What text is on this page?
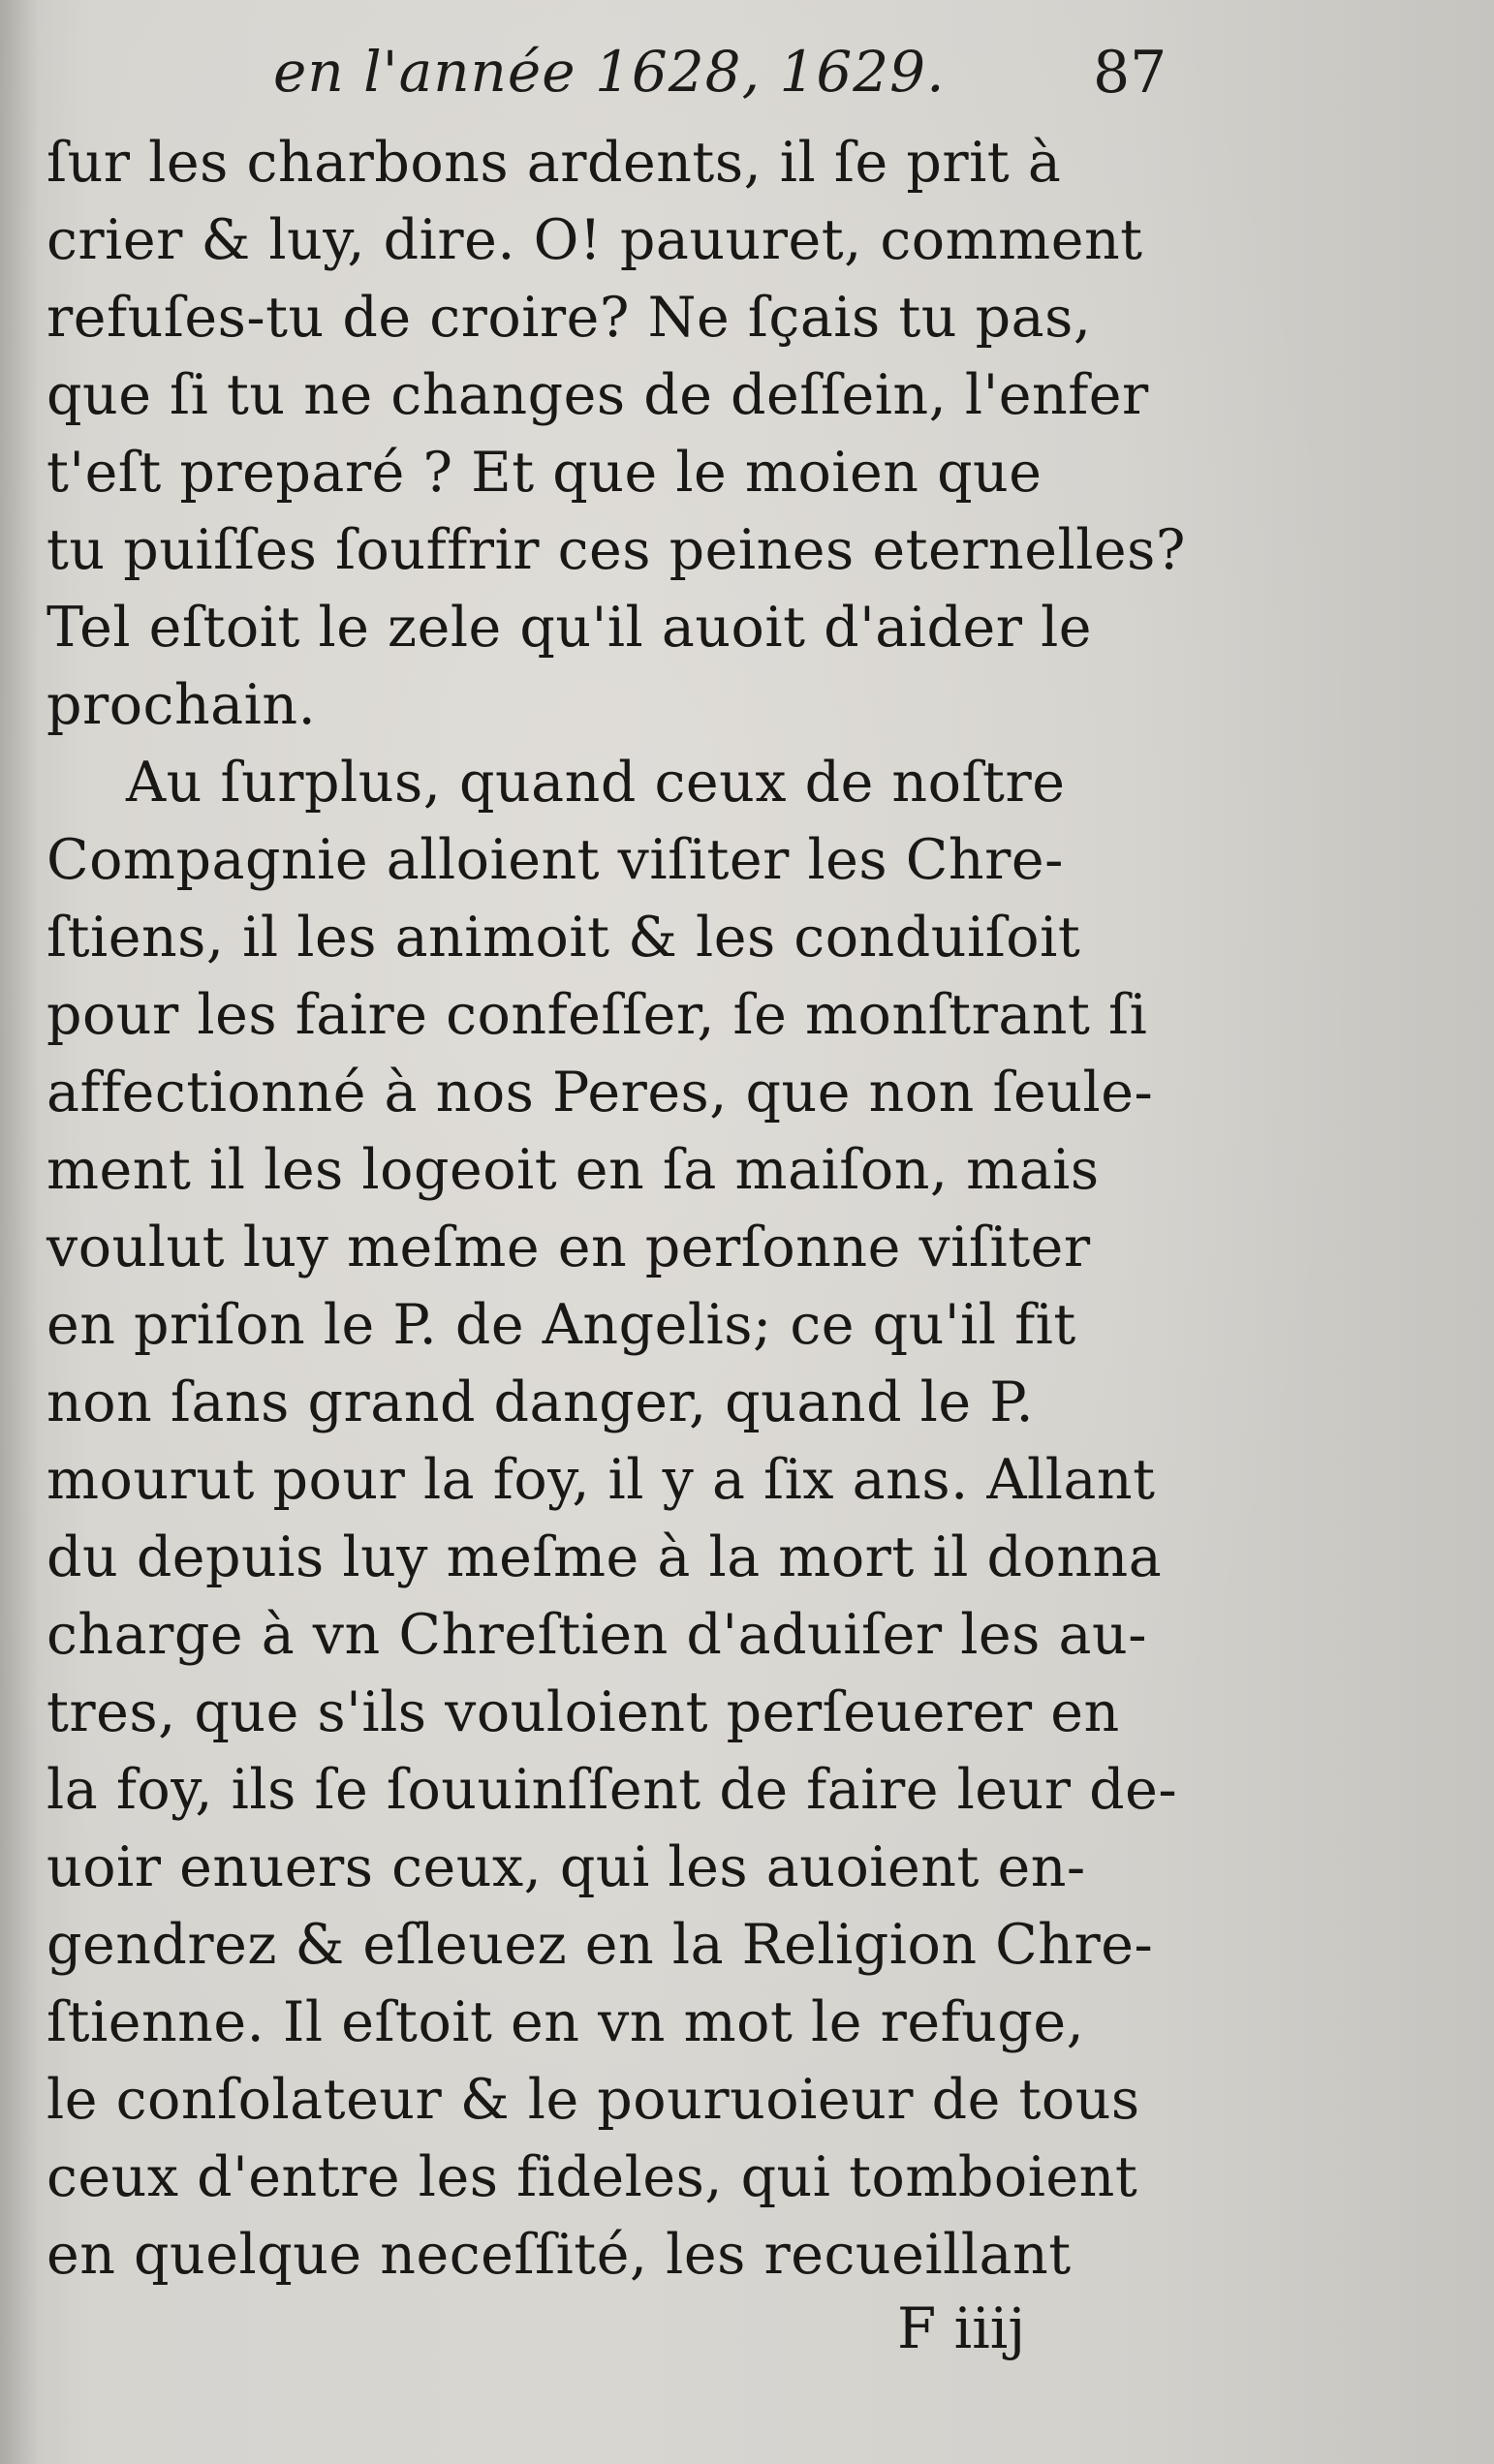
en l'année 1628, 1629.	87
ſur les charbons ardents, il ſe prit à
crier & luy, dire. O! pauuret, comment
refuſes-tu de croire? Ne ſçais tu pas,
que ſi tu ne changes de deſſein, l'enfer
t'eſt preparé ? Et que le moien que
tu puiſſes ſouffrir ces peines eternelles?
Tel eſtoit le zele qu'il auoit d'aider le
prochain.
Au ſurplus, quand ceux de noſtre
Compagnie alloient viſiter les Chre-
ſtiens, il les animoit & les conduiſoit
pour les faire confeſſer, ſe monſtrant ſi
affectionné à nos Peres, que non ſeule-
ment il les logeoit en ſa maiſon, mais
voulut luy meſme en perſonne viſiter
en priſon le P. de Angelis; ce qu'il fit
non ſans grand danger, quand le P.
mourut pour la foy, il y a ſix ans. Allant
du depuis luy meſme à la mort il donna
charge à vn Chreſtien d'aduiſer les au-
tres, que s'ils vouloient perſeuerer en
la foy, ils ſe ſouuinſſent de faire leur de-
uoir enuers ceux, qui les auoient en-
gendrez & eſleuez en la Religion Chre-
ſtienne. Il eſtoit en vn mot le refuge,
le conſolateur & le pouruoieur de tous
ceux d'entre les fideles, qui tomboient
en quelque neceſſité, les recueillant
F iiij
